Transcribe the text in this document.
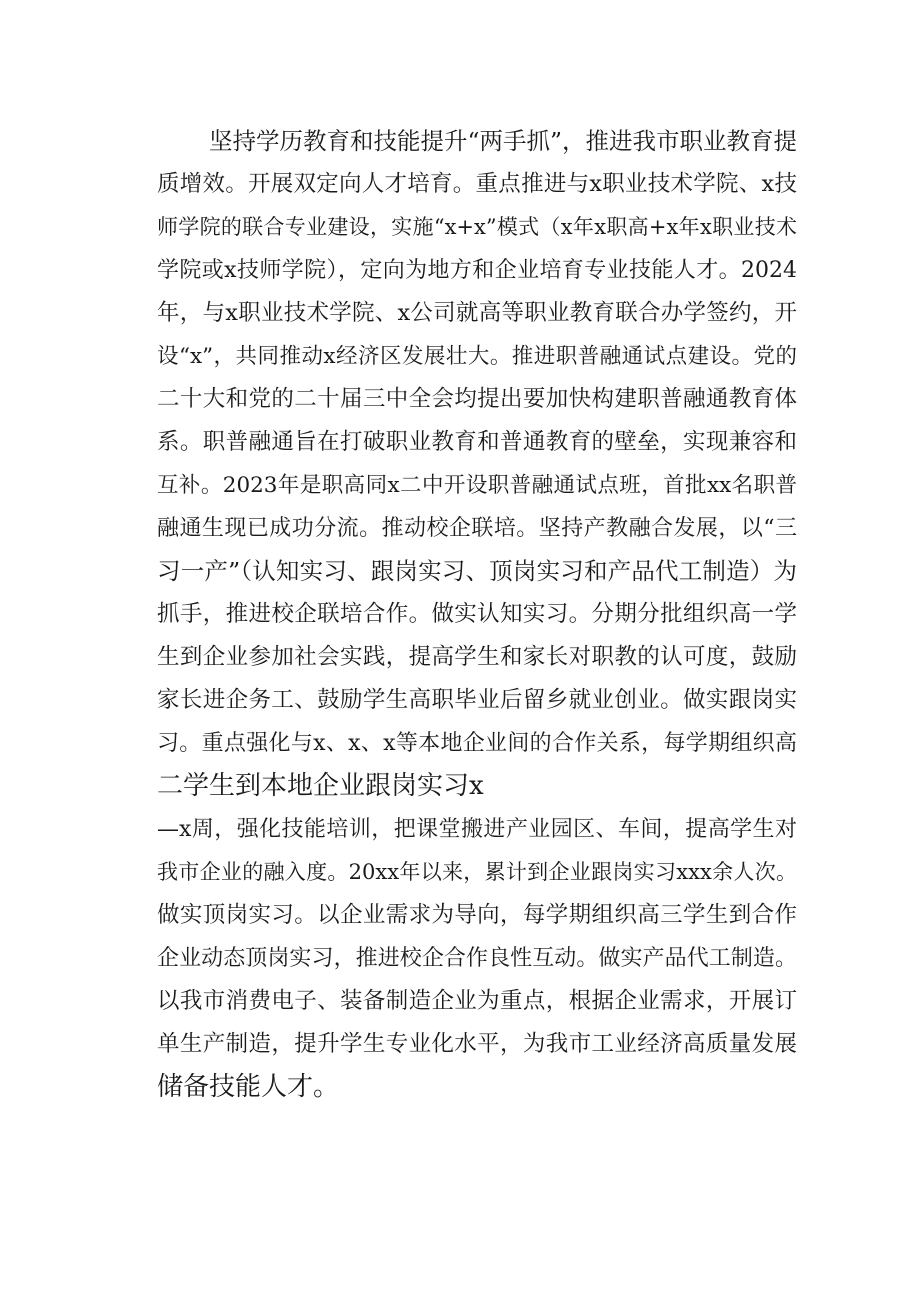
坚持学历教育和技能提升“两手抓”，推进我市职业教育提
质增效。开展双定向人才培育。重点推进与x职业技术学院、x技
师学院的联合专业建设，实施“x+x”模式（x年x职高+x年x职业技术
学院或x技师学院），定向为地方和企业培育专业技能人才。2024
年，与x职业技术学院、x公司就高等职业教育联合办学签约，开
设“x”，共同推动x经济区发展壮大。推进职普融通试点建设。党的
二十大和党的二十届三中全会均提出要加快构建职普融通教育体
系。职普融通旨在打破职业教育和普通教育的壁垒，实现兼容和
互补。2023年是职高同x二中开设职普融通试点班，首批xx名职普
融通生现已成功分流。推动校企联培。坚持产教融合发展，以“三
习一产”（认知实习、跟岗实习、顶岗实习和产品代工制造）为
抓手，推进校企联培合作。做实认知实习。分期分批组织高一学
生到企业参加社会实践，提高学生和家长对职教的认可度，鼓励
家长进企务工、鼓励学生高职毕业后留乡就业创业。做实跟岗实
习。重点强化与x、x、x等本地企业间的合作关系，每学期组织高
二学生到本地企业跟岗实习x
—x周，强化技能培训，把课堂搬进产业园区、车间，提高学生对
我市企业的融入度。20xx年以来，累计到企业跟岗实习xxx余人次。
做实顶岗实习。以企业需求为导向，每学期组织高三学生到合作
企业动态顶岗实习，推进校企合作良性互动。做实产品代工制造。
以我市消费电子、装备制造企业为重点，根据企业需求，开展订
单生产制造，提升学生专业化水平，为我市工业经济高质量发展
储备技能人才。
